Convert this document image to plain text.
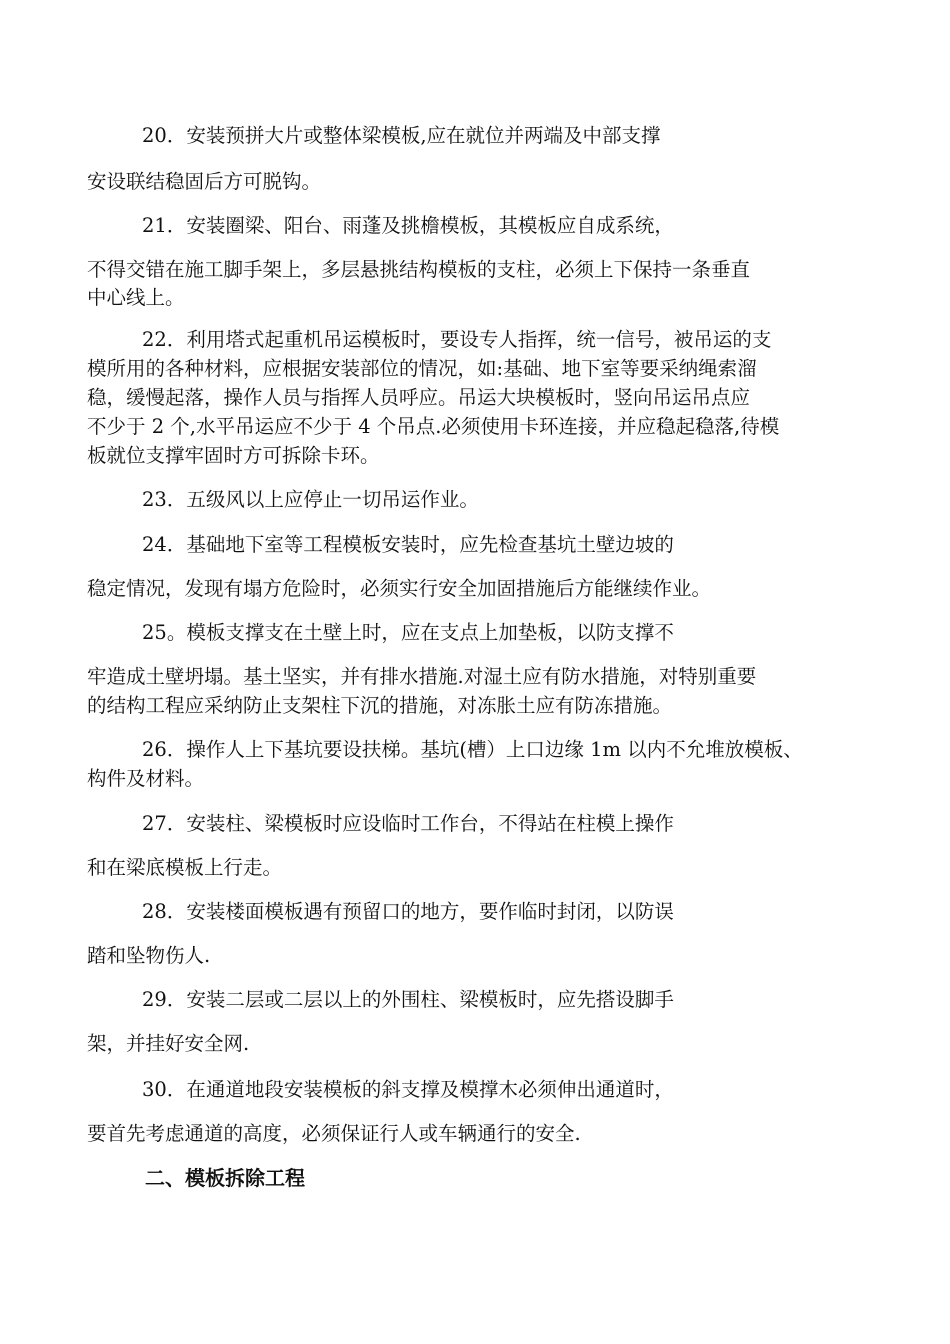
20．安装预拼大片或整体梁模板,应在就位并两端及中部支撑
安设联结稳固后方可脱钩。
21．安装圈梁、阳台、雨蓬及挑檐模板，其模板应自成系统，
不得交错在施工脚手架上，多层悬挑结构模板的支柱，必须上下保持一条垂直
中心线上。
22．利用塔式起重机吊运模板时，要设专人指挥，统一信号，被吊运的支
模所用的各种材料，应根据安装部位的情况，如:基础、地下室等要采纳绳索溜
稳，缓慢起落，操作人员与指挥人员呼应。吊运大块模板时，竖向吊运吊点应
不少于 2 个,水平吊运应不少于 4 个吊点.必须使用卡环连接，并应稳起稳落,待模
板就位支撑牢固时方可拆除卡环。
23．五级风以上应停止一切吊运作业。
24．基础地下室等工程模板安装时，应先检查基坑土壁边坡的
稳定情况，发现有塌方危险时，必须实行安全加固措施后方能继续作业。
25。模板支撑支在土壁上时，应在支点上加垫板，以防支撑不
牢造成土壁坍塌。基土坚实，并有排水措施.对湿土应有防水措施，对特别重要
的结构工程应采纳防止支架柱下沉的措施，对冻胀土应有防冻措施。
26．操作人上下基坑要设扶梯。基坑(槽）上口边缘 1m 以内不允堆放模板、
构件及材料。
27．安装柱、梁模板时应设临时工作台，不得站在柱模上操作
和在梁底模板上行走。
28．安装楼面模板遇有预留口的地方，要作临时封闭，以防误
踏和坠物伤人.
29．安装二层或二层以上的外围柱、梁模板时，应先搭设脚手
架，并挂好安全网.
30．在通道地段安装模板的斜支撑及模撑木必须伸出通道时，
要首先考虑通道的高度，必须保证行人或车辆通行的安全.
二、模板拆除工程
